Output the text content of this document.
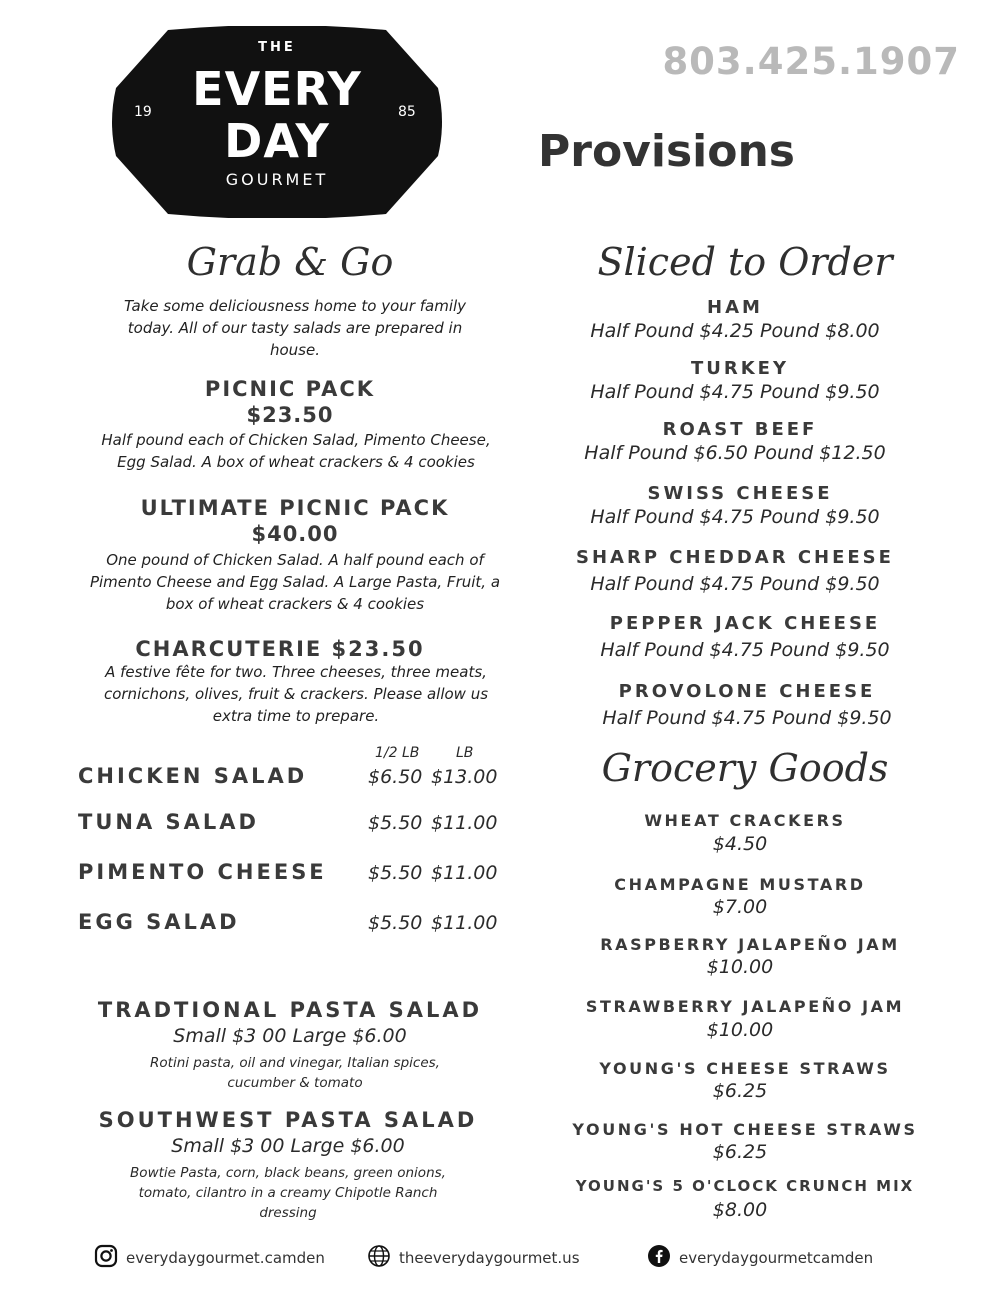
THE
EVERY
DAY
GOURMET
19	85
803.425.1907
Provisions
Grab & Go
Take some deliciousness home to your family today. All of our tasty salads are prepared in house.
PICNIC PACK
$23.50
Half pound each of Chicken Salad, Pimento Cheese, Egg Salad. A box of wheat crackers & 4 cookies
ULTIMATE PICNIC PACK
$40.00
One pound of Chicken Salad. A half pound each of Pimento Cheese and Egg Salad. A Large Pasta, Fruit, a box of wheat crackers & 4 cookies
CHARCUTERIE $23.50
A festive fête for two. Three cheeses, three meats, cornichons, olives, fruit & crackers. Please allow us extra time to prepare.
1/2 LB	LB
CHICKEN SALAD	$6.50 $13.00
TUNA SALAD	$5.50 $11.00
PIMENTO CHEESE $5.50 $11.00
EGG SALAD	$5.50 $11.00
TRADTIONAL PASTA SALAD
Small $3 00 Large $6.00
Rotini pasta, oil and vinegar, Italian spices, cucumber & tomato
SOUTHWEST PASTA SALAD
Small $3 00 Large $6.00
Bowtie Pasta, corn, black beans, green onions, tomato, cilantro in a creamy Chipotle Ranch dressing
Sliced to Order
HAM
Half Pound $4.25 Pound $8.00
TURKEY
Half Pound $4.75 Pound $9.50
ROAST BEEF
Half Pound $6.50 Pound $12.50
SWISS CHEESE
Half Pound $4.75 Pound $9.50
SHARP CHEDDAR CHEESE
Half Pound $4.75 Pound $9.50
PEPPER JACK CHEESE
Half Pound $4.75 Pound $9.50
PROVOLONE CHEESE
Half Pound $4.75 Pound $9.50
Grocery Goods
WHEAT CRACKERS
$4.50
CHAMPAGNE MUSTARD
$7.00
RASPBERRY JALAPEÑO JAM
$10.00
STRAWBERRY JALAPEÑO JAM
$10.00
YOUNG'S CHEESE STRAWS
$6.25
YOUNG'S HOT CHEESE STRAWS
$6.25
YOUNG'S 5 O'CLOCK CRUNCH MIX
$8.00
everydaygourmet.camden	theeverydaygourmet.us	everydaygourmetcamden
